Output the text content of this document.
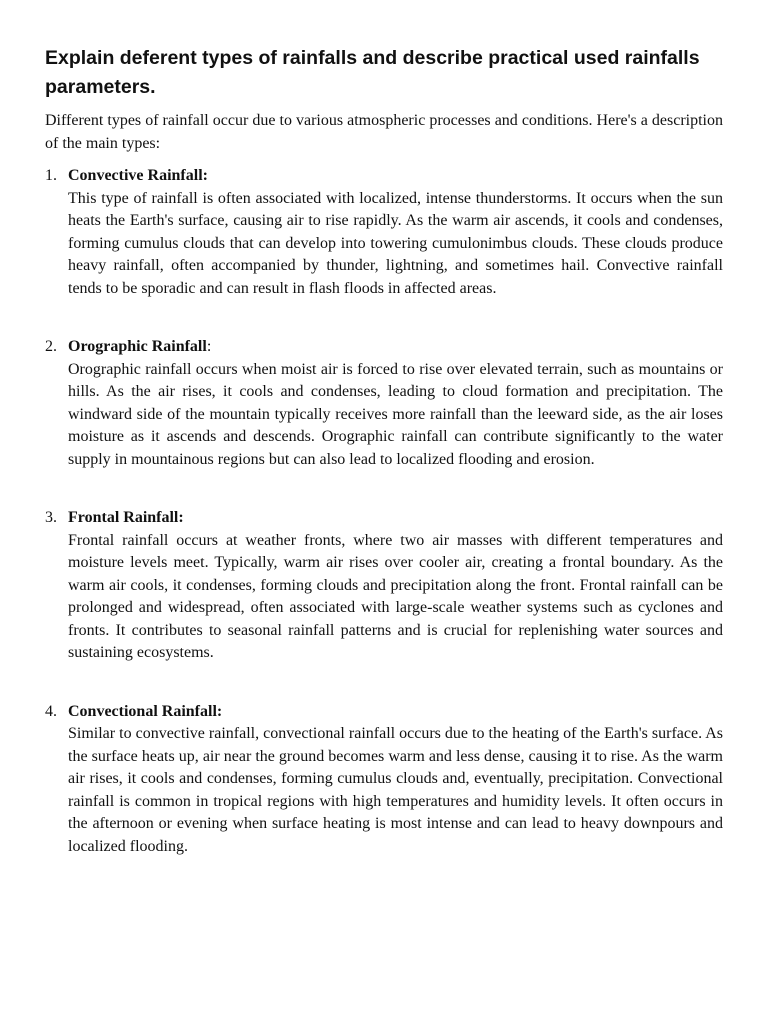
Explain deferent types of rainfalls and describe practical used rainfalls parameters.

Different types of rainfall occur due to various atmospheric processes and conditions. Here's a description of the main types:

1. Convective Rainfall:
This type of rainfall is often associated with localized, intense thunderstorms. It occurs when the sun heats the Earth's surface, causing air to rise rapidly. As the warm air ascends, it cools and condenses, forming cumulus clouds that can develop into towering cumulonimbus clouds. These clouds produce heavy rainfall, often accompanied by thunder, lightning, and sometimes hail. Convective rainfall tends to be sporadic and can result in flash floods in affected areas.
2. Orographic Rainfall:
Orographic rainfall occurs when moist air is forced to rise over elevated terrain, such as mountains or hills. As the air rises, it cools and condenses, leading to cloud formation and precipitation. The windward side of the mountain typically receives more rainfall than the leeward side, as the air loses moisture as it ascends and descends. Orographic rainfall can contribute significantly to the water supply in mountainous regions but can also lead to localized flooding and erosion.
3. Frontal Rainfall:
Frontal rainfall occurs at weather fronts, where two air masses with different temperatures and moisture levels meet. Typically, warm air rises over cooler air, creating a frontal boundary. As the warm air cools, it condenses, forming clouds and precipitation along the front. Frontal rainfall can be prolonged and widespread, often associated with large-scale weather systems such as cyclones and fronts. It contributes to seasonal rainfall patterns and is crucial for replenishing water sources and sustaining ecosystems.
4. Convectional Rainfall:
Similar to convective rainfall, convectional rainfall occurs due to the heating of the Earth's surface. As the surface heats up, air near the ground becomes warm and less dense, causing it to rise. As the warm air rises, it cools and condenses, forming cumulus clouds and, eventually, precipitation. Convectional rainfall is common in tropical regions with high temperatures and humidity levels. It often occurs in the afternoon or evening when surface heating is most intense and can lead to heavy downpours and localized flooding.
